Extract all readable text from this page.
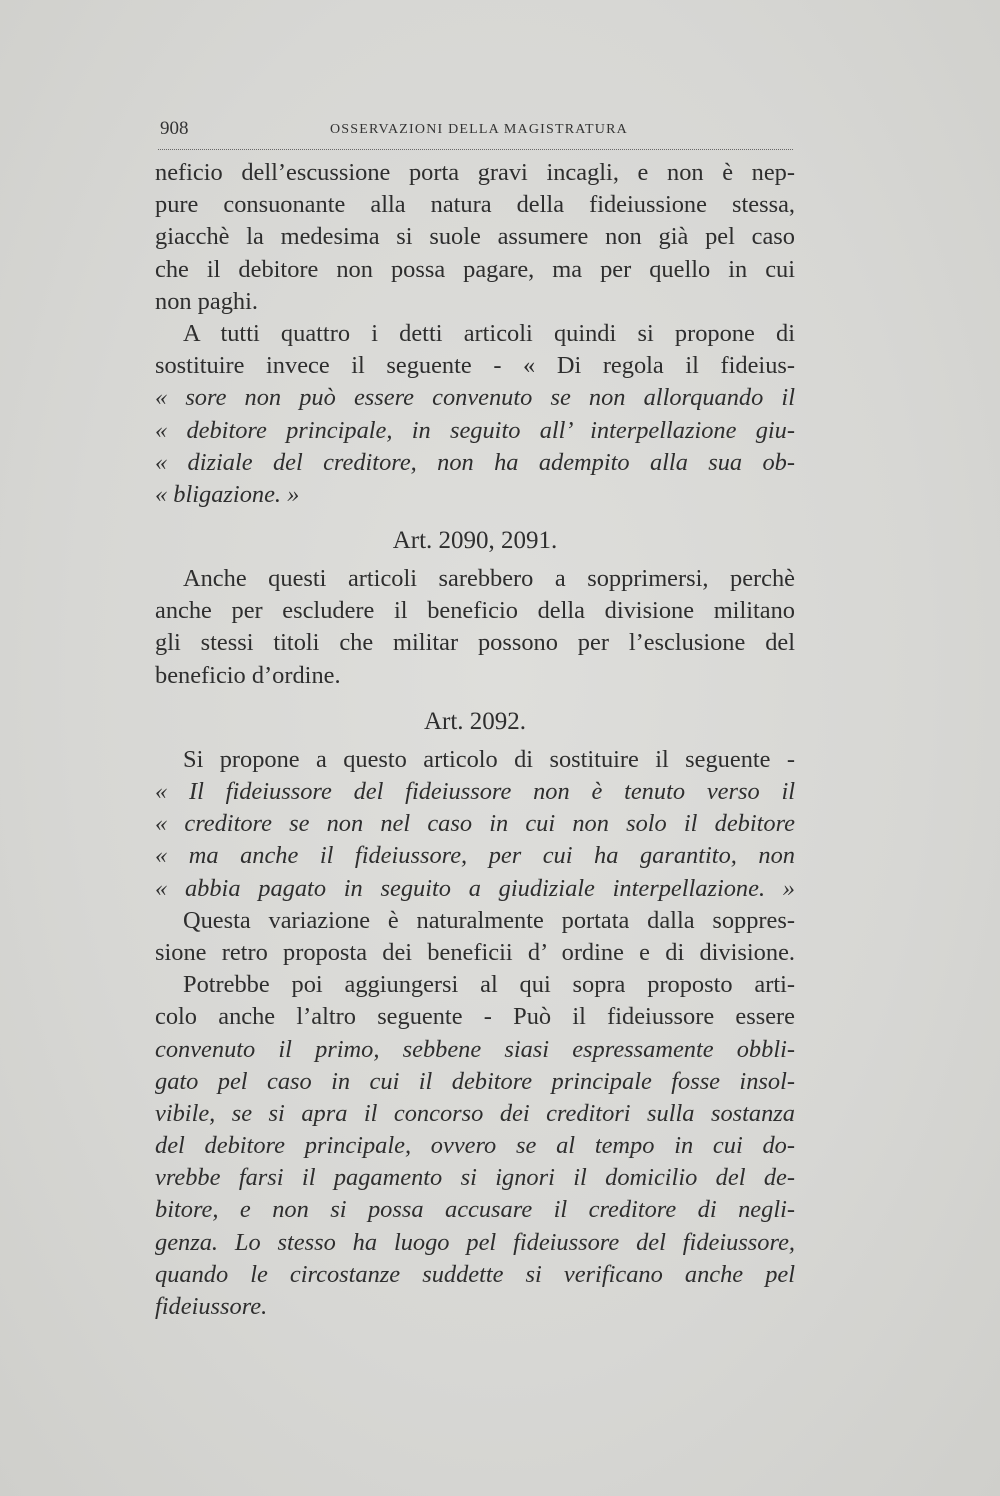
908	OSSERVAZIONI DELLA MAGISTRATURA
neficio dell’escussione porta gravi incagli, e non è nep-
pure consuonante alla natura della fideiussione stessa,
giacchè la medesima si suole assumere non già pel caso
che il debitore non possa pagare, ma per quello in cui
non paghi.
A tutti quattro i detti articoli quindi si propone di
sostituire invece il seguente - « Di regola il fideius-
« sore non può essere convenuto se non allorquando il
« debitore principale, in seguito all’ interpellazione giu-
« diziale del creditore, non ha adempito alla sua ob-
« bligazione. »
Art. 2090, 2091.
Anche questi articoli sarebbero a sopprimersi, perchè
anche per escludere il beneficio della divisione militano
gli stessi titoli che militar possono per l’esclusione del
beneficio d’ordine.
Art. 2092.
Si propone a questo articolo di sostituire il seguente -
« Il fideiussore del fideiussore non è tenuto verso il
« creditore se non nel caso in cui non solo il debitore
« ma anche il fideiussore, per cui ha garantito, non
« abbia pagato in seguito a giudiziale interpellazione. »
Questa variazione è naturalmente portata dalla soppres-
sione retro proposta dei beneficii d’ ordine e di divisione.
Potrebbe poi aggiungersi al qui sopra proposto arti-
colo anche l’altro seguente - Può il fideiussore essere
convenuto il primo, sebbene siasi espressamente obbli-
gato pel caso in cui il debitore principale fosse insol-
vibile, se si apra il concorso dei creditori sulla sostanza
del debitore principale, ovvero se al tempo in cui do-
vrebbe farsi il pagamento si ignori il domicilio del de-
bitore, e non si possa accusare il creditore di negli-
genza. Lo stesso ha luogo pel fideiussore del fideiussore,
quando le circostanze suddette si verificano anche pel
fideiussore.
